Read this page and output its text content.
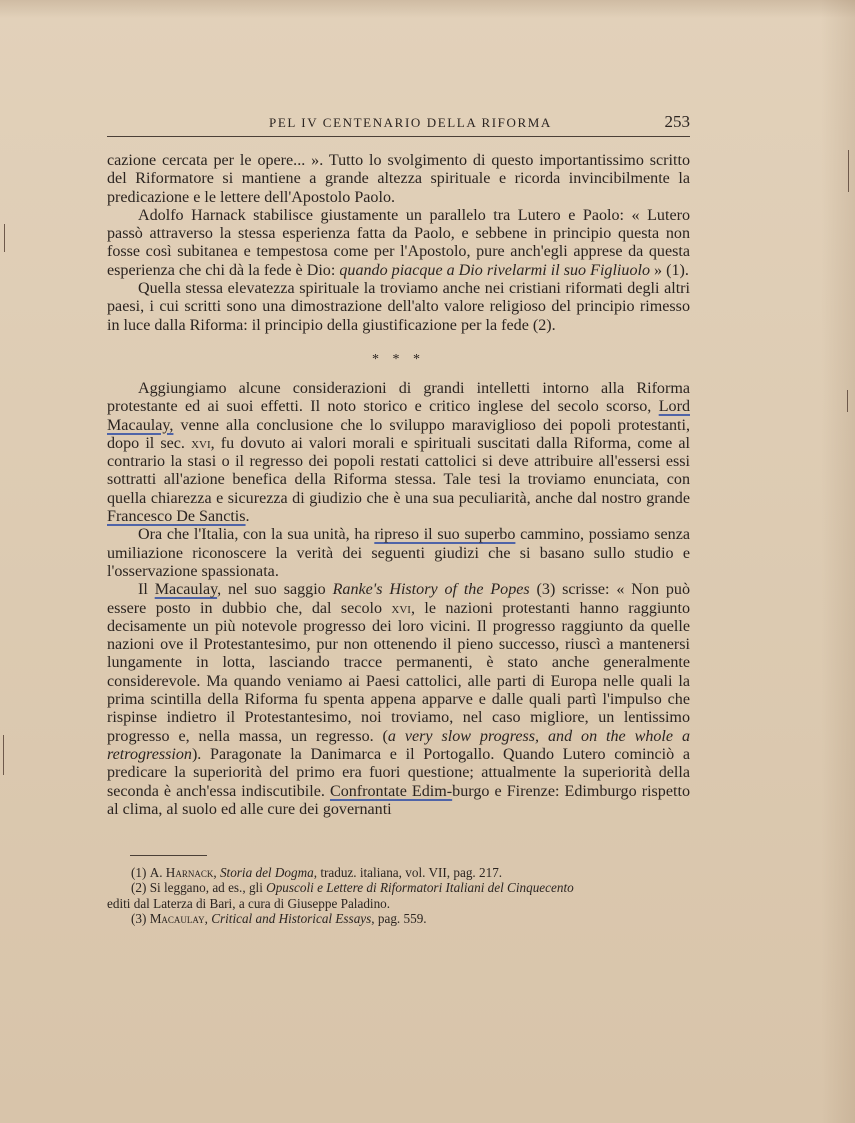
PEL IV CENTENARIO DELLA RIFORMA	253

cazione cercata per le opere... ». Tutto lo svolgimento di questo importantissimo scritto del Riformatore si mantiene a grande altezza spirituale e ricorda invincibilmente la predicazione e le lettere dell'Apostolo Paolo.

Adolfo Harnack stabilisce giustamente un parallelo tra Lutero e Paolo: « Lutero passò attraverso la stessa esperienza fatta da Paolo, e sebbene in principio questa non fosse così subitanea e tempestosa come per l'Apostolo, pure anch'egli apprese da questa esperienza che chi dà la fede è Dio: quando piacque a Dio rivelarmi il suo Figliuolo » (1).

Quella stessa elevatezza spirituale la troviamo anche nei cristiani riformati degli altri paesi, i cui scritti sono una dimostrazione dell'alto valore religioso del principio rimesso in luce dalla Riforma: il principio della giustificazione per la fede (2).

* * *

Aggiungiamo alcune considerazioni di grandi intelletti intorno alla Riforma protestante ed ai suoi effetti. Il noto storico e critico inglese del secolo scorso, Lord Macaulay, venne alla conclusione che lo sviluppo maraviglioso dei popoli protestanti, dopo il sec. xvi, fu dovuto ai valori morali e spirituali suscitati dalla Riforma, come al contrario la stasi o il regresso dei popoli restati cattolici si deve attribuire all'essersi essi sottratti all'azione benefica della Riforma stessa. Tale tesi la troviamo enunciata, con quella chiarezza e sicurezza di giudizio che è una sua peculiarità, anche dal nostro grande Francesco De Sanctis.

Ora che l'Italia, con la sua unità, ha ripreso il suo superbo cammino, possiamo senza umiliazione riconoscere la verità dei seguenti giudizi che si basano sullo studio e l'osservazione spassionata.

Il Macaulay, nel suo saggio Ranke's History of the Popes (3) scrisse: « Non può essere posto in dubbio che, dal secolo xvi, le nazioni protestanti hanno raggiunto decisamente un più notevole progresso dei loro vicini. Il progresso raggiunto da quelle nazioni ove il Protestantesimo, pur non ottenendo il pieno successo, riuscì a mantenersi lungamente in lotta, lasciando tracce permanenti, è stato anche generalmente considerevole. Ma quando veniamo ai Paesi cattolici, alle parti di Europa nelle quali la prima scintilla della Riforma fu spenta appena apparve e dalle quali partì l'impulso che rispinse indietro il Protestantesimo, noi troviamo, nel caso migliore, un lentissimo progresso e, nella massa, un regresso. (a very slow progress, and on the whole a retrogression). Paragonate la Danimarca e il Portogallo. Quando Lutero cominciò a predicare la superiorità del primo era fuori questione; attualmente la superiorità della seconda è anch'essa indiscutibile. Confrontate Edim-burgo e Firenze: Edimburgo rispetto al clima, al suolo ed alle cure dei governanti

(1) A. Harnack, Storia del Dogma, traduz. italiana, vol. VII, pag. 217.

(2) Si leggano, ad es., gli Opuscoli e Lettere di Riformatori Italiani del Cinquecento

editi dal Laterza di Bari, a cura di Giuseppe Paladino.

(3) Macaulay, Critical and Historical Essays, pag. 559.
